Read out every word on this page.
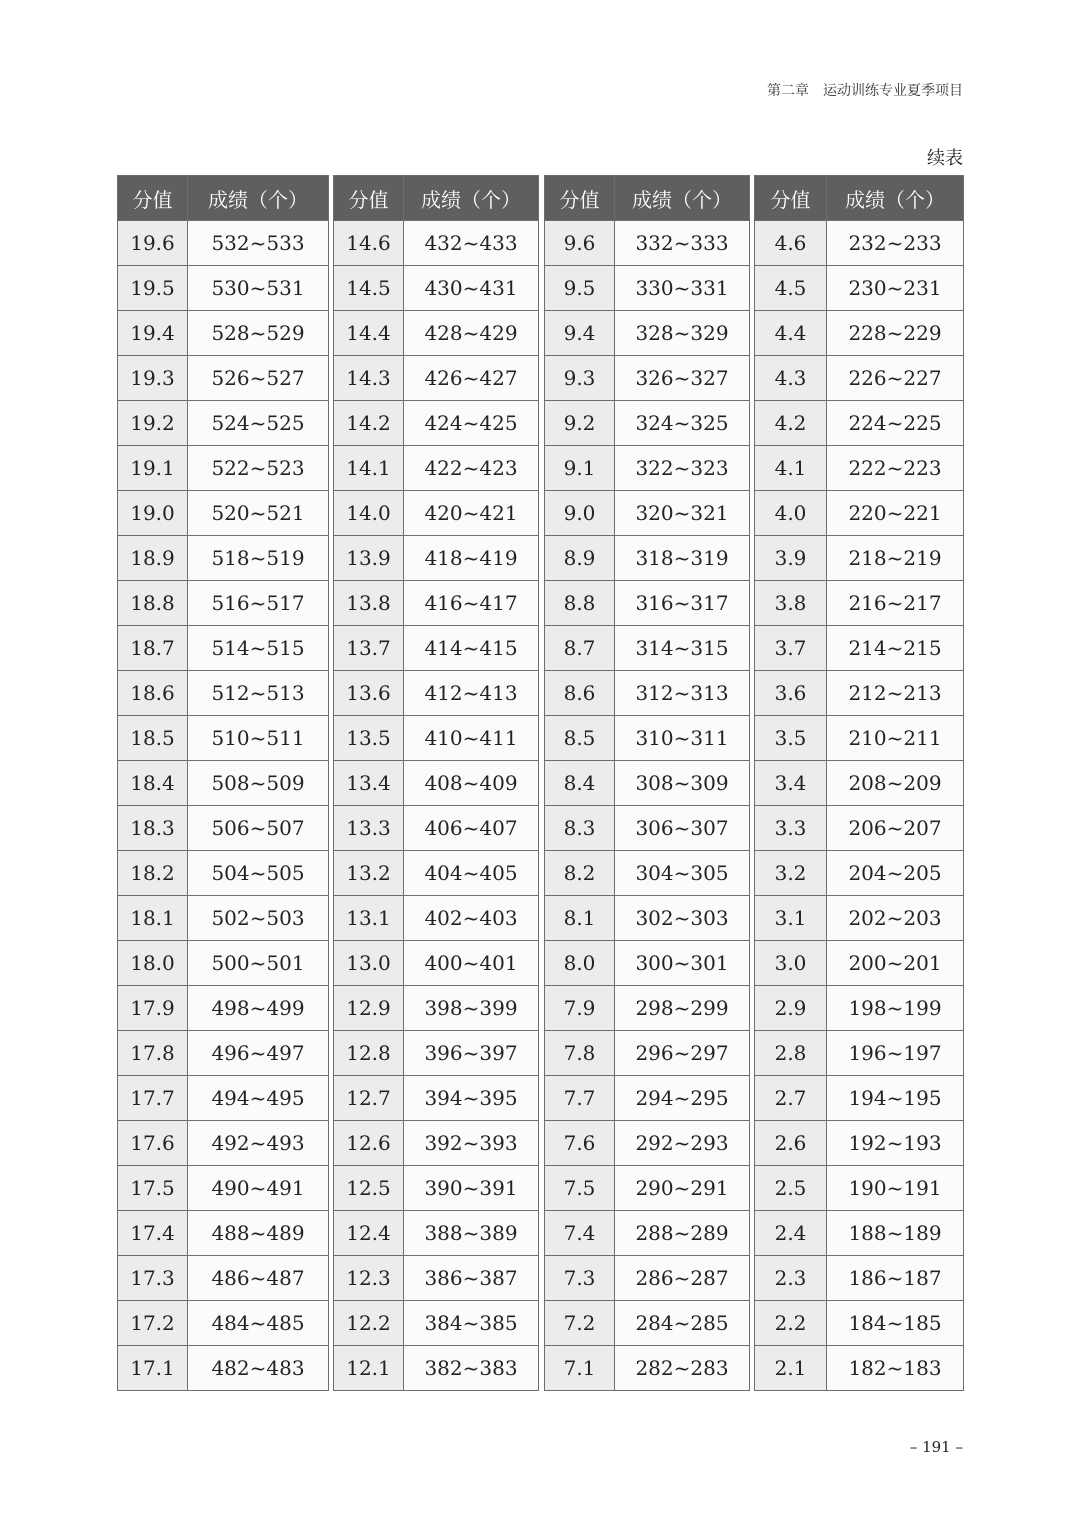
第二章　运动训练专业夏季项目
续表
分值	成绩（个）
19.6	532~533
19.5	530~531
19.4	528~529
19.3	526~527
19.2	524~525
19.1	522~523
19.0	520~521
18.9	518~519
18.8	516~517
18.7	514~515
18.6	512~513
18.5	510~511
18.4	508~509
18.3	506~507
18.2	504~505
18.1	502~503
18.0	500~501
17.9	498~499
17.8	496~497
17.7	494~495
17.6	492~493
17.5	490~491
17.4	488~489
17.3	486~487
17.2	484~485
17.1	482~483
分值	成绩（个）
14.6	432~433
14.5	430~431
14.4	428~429
14.3	426~427
14.2	424~425
14.1	422~423
14.0	420~421
13.9	418~419
13.8	416~417
13.7	414~415
13.6	412~413
13.5	410~411
13.4	408~409
13.3	406~407
13.2	404~405
13.1	402~403
13.0	400~401
12.9	398~399
12.8	396~397
12.7	394~395
12.6	392~393
12.5	390~391
12.4	388~389
12.3	386~387
12.2	384~385
12.1	382~383
分值	成绩（个）
9.6	332~333
9.5	330~331
9.4	328~329
9.3	326~327
9.2	324~325
9.1	322~323
9.0	320~321
8.9	318~319
8.8	316~317
8.7	314~315
8.6	312~313
8.5	310~311
8.4	308~309
8.3	306~307
8.2	304~305
8.1	302~303
8.0	300~301
7.9	298~299
7.8	296~297
7.7	294~295
7.6	292~293
7.5	290~291
7.4	288~289
7.3	286~287
7.2	284~285
7.1	282~283
分值	成绩（个）
4.6	232~233
4.5	230~231
4.4	228~229
4.3	226~227
4.2	224~225
4.1	222~223
4.0	220~221
3.9	218~219
3.8	216~217
3.7	214~215
3.6	212~213
3.5	210~211
3.4	208~209
3.3	206~207
3.2	204~205
3.1	202~203
3.0	200~201
2.9	198~199
2.8	196~197
2.7	194~195
2.6	192~193
2.5	190~191
2.4	188~189
2.3	186~187
2.2	184~185
2.1	182~183
– 191 –
